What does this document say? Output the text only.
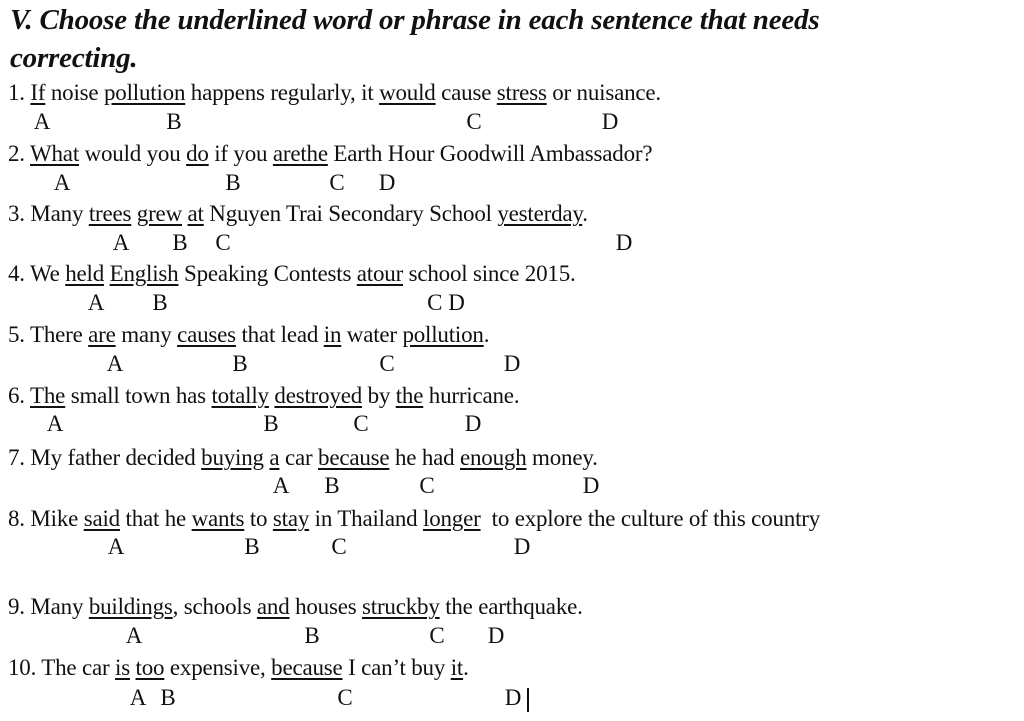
V. Choose the underlined word or phrase in each sentence that needs
correcting.
1. If noise pollution happens regularly, it would cause stress or nuisance.
A	B	C	D
2. What would you do if you arethe Earth Hour Goodwill Ambassador?
A	B	C D
3. Many trees grew at Nguyen Trai Secondary School yesterday.
A B C	D
4. We held English Speaking Contests atour school since 2015.
A B	C D
5. There are many causes that lead in water pollution.
A	B	C	D
6. The small town has totally destroyed by the hurricane.
A	B	C	D
7. My father decided buying a car because he had enough money.
A B	C	D
8. Mike said that he wants to stay in Thailand longer  to explore the culture of this country
A	B	C	D
9. Many buildings, schools and houses struckby the earthquake.
A	B	C D
10. The car is too expensive, because I can’t buy it.
A B	C	D
